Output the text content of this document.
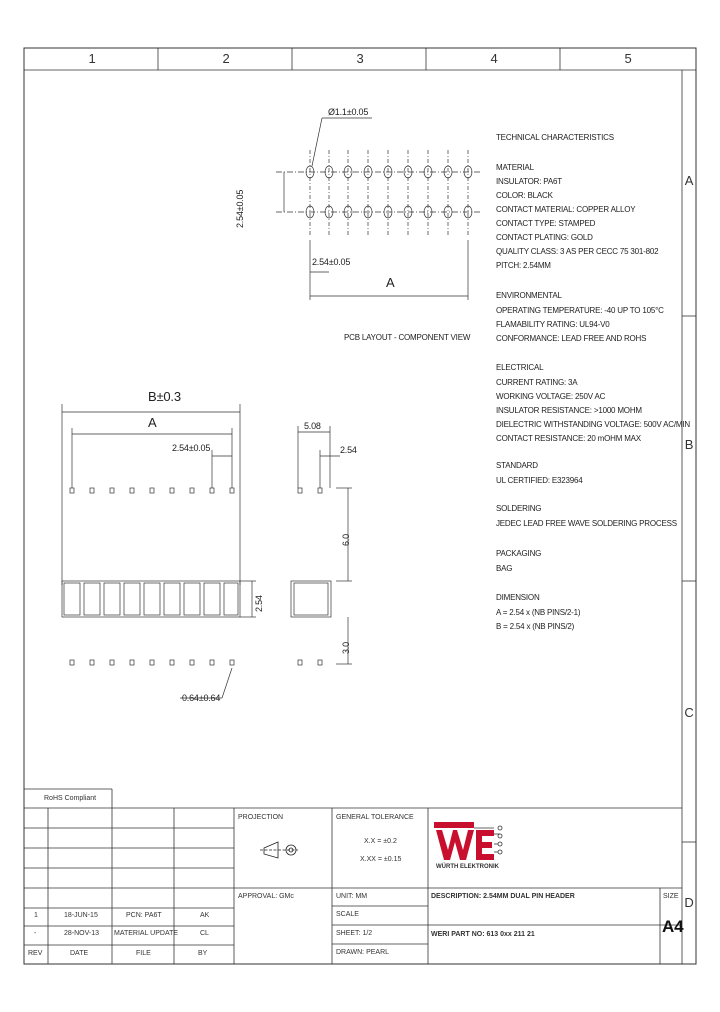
1	2	3	4	5
A
B
C
D
Ø1.1±0.05
2.54±0.05
2.54±0.05
A
PCB LAYOUT - COMPONENT VIEW
B±0.3
A
2.54±0.05
2.54
0.64±0.64
5.08
2.54
6.0
3.0
TECHNICAL CHARACTERISTICS
MATERIAL
INSULATOR: PA6T
COLOR: BLACK
CONTACT MATERIAL: COPPER ALLOY
CONTACT TYPE: STAMPED
CONTACT PLATING: GOLD
QUALITY CLASS: 3 AS PER CECC 75 301-802
PITCH: 2.54MM
ENVIRONMENTAL
OPERATING TEMPERATURE: -40 UP TO 105°C
FLAMABILITY RATING: UL94-V0
CONFORMANCE: LEAD FREE AND ROHS
ELECTRICAL
CURRENT RATING: 3A
WORKING VOLTAGE: 250V AC
INSULATOR RESISTANCE: >1000 MOHM
DIELECTRIC WITHSTANDING VOLTAGE: 500V AC/MIN
CONTACT RESISTANCE: 20 mOHM MAX
STANDARD
UL CERTIFIED: E323964
SOLDERING
JEDEC LEAD FREE WAVE SOLDERING PROCESS
PACKAGING
BAG
DIMENSION
A = 2.54 x (NB PINS/2-1)
B = 2.54 x (NB PINS/2)
RoHS Compliant
PROJECTION	GENERAL TOLERANCE
X.X = ±0.2
X.XX = ±0.15
APPROVAL: GMc	UNIT: MM
SCALE
SHEET: 1/2
DRAWN: PEARL
DESCRIPTION: 2.54MM DUAL PIN HEADER
WERI PART NO: 613 0xx 211 21
SIZE
A4
WÜRTH ELEKTRONIK
1	18-JUN-15	PCN: PA6T	AK
-	28-NOV-13 MATERIAL UPDATE	CL
REV	DATE	FILE	BY
